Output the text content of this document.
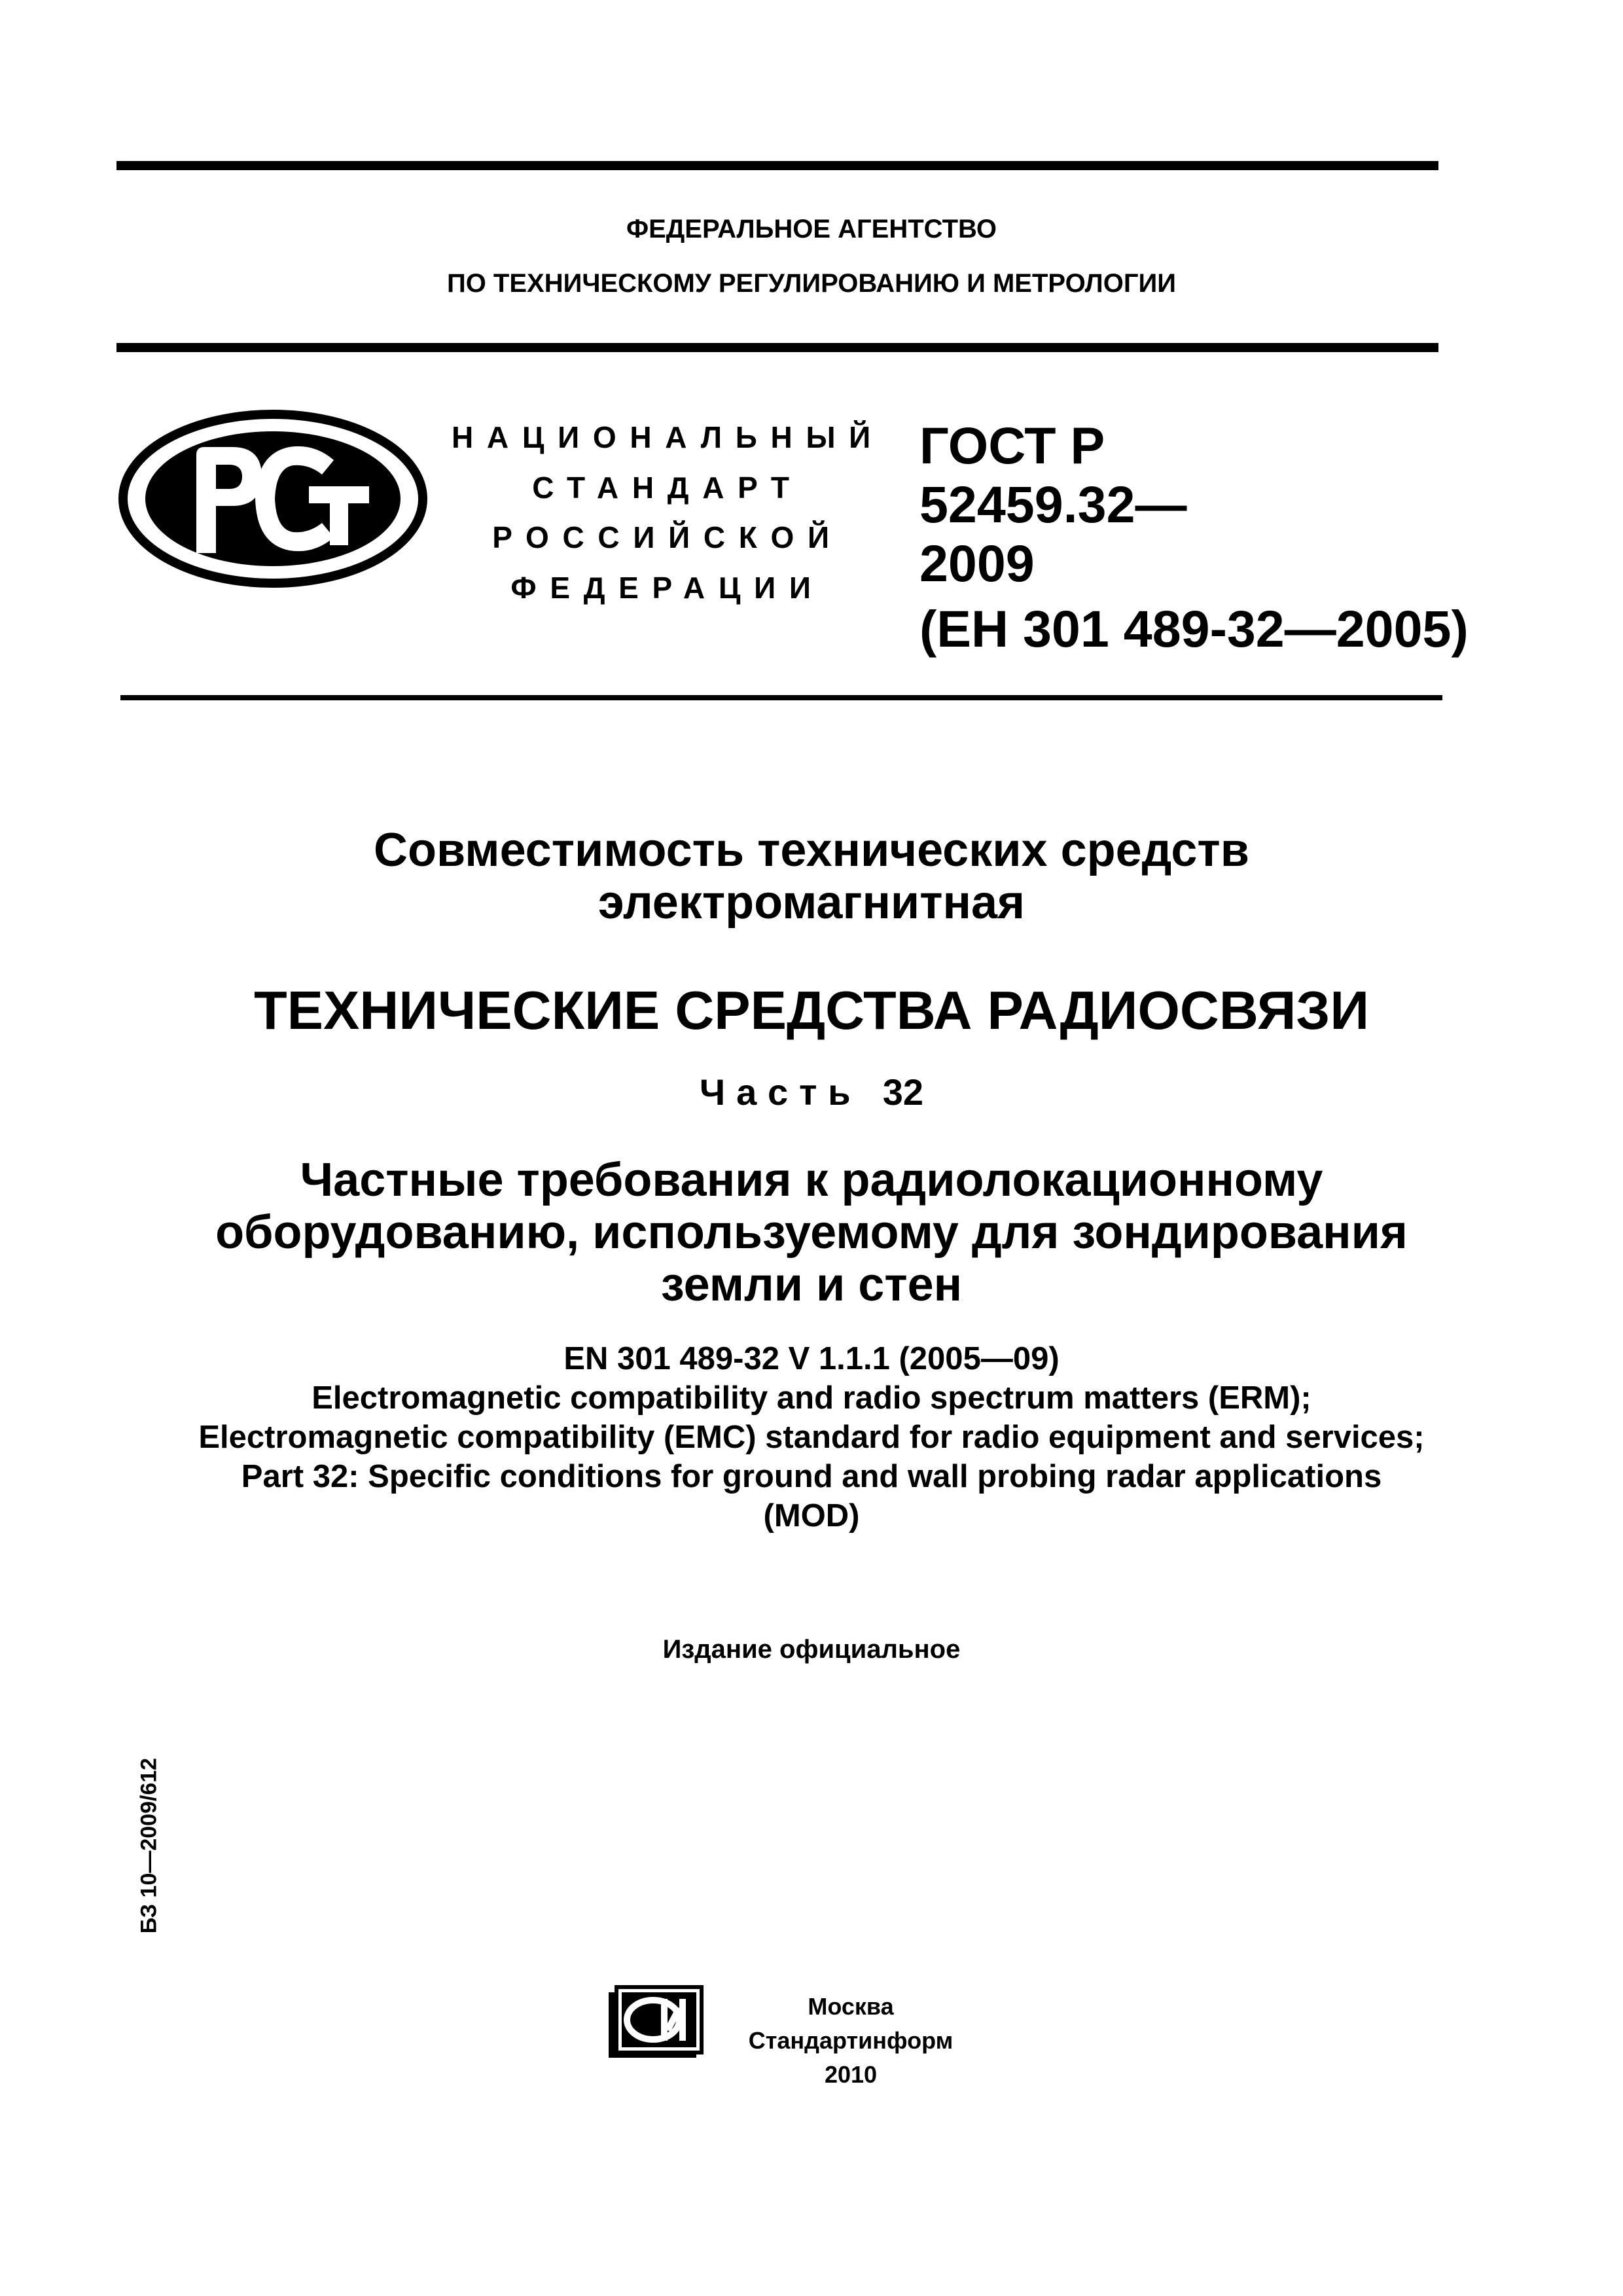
ФЕДЕРАЛЬНОЕ АГЕНТСТВО
ПО ТЕХНИЧЕСКОМУ РЕГУЛИРОВАНИЮ И МЕТРОЛОГИИ
НАЦИОНАЛЬНЫЙ
СТАНДАРТ
РОССИЙСКОЙ
ФЕДЕРАЦИИ
ГОСТ Р
52459.32—
2009
(ЕН 301 489-32—2005)
Совместимость технических средств
электромагнитная
ТЕХНИЧЕСКИЕ СРЕДСТВА РАДИОСВЯЗИ
Часть 32
Частные требования к радиолокационному
оборудованию, используемому для зондирования
земли и стен
EN 301 489-32 V 1.1.1 (2005—09)
Electromagnetic compatibility and radio spectrum matters (ERM);
Electromagnetic compatibility (EMC) standard for radio equipment and services;
Part 32: Specific conditions for ground and wall probing radar applications
(MOD)
Издание официальное
БЗ 10—2009/612
Москва
Стандартинформ
2010
